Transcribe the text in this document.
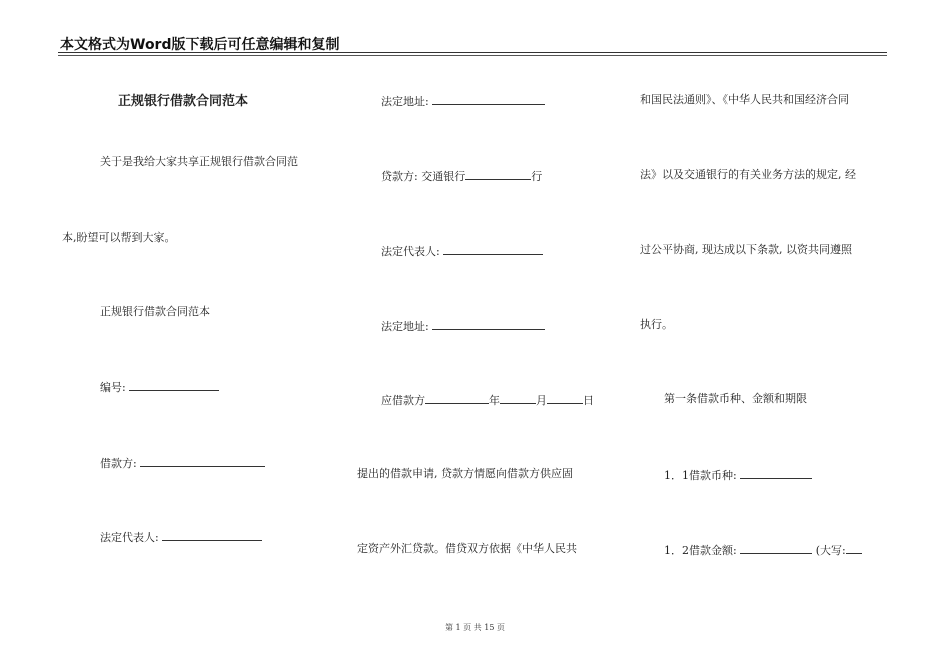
本文格式为Word版下载后可任意编辑和复制
正规银行借款合同范本
关于是我给大家共享正规银行借款合同范
本,盼望可以帮到大家。
正规银行借款合同范本
编号:
借款方:
法定代表人:
法定地址:
贷款方: 交通银行	行
法定代表人:
法定地址:
应借款方	年	月	日
提出的借款申请, 贷款方情愿向借款方供应固
定资产外汇贷款。借贷双方依据《中华人民共
和国民法通则》、《中华人民共和国经济合同
法》以及交通银行的有关业务方法的规定, 经
过公平协商, 现达成以下条款, 以资共同遵照
执行。
第一条借款币种、金额和期限
1．1借款币种:
1．2借款金额:	(大写:
第 1 页 共 15 页
